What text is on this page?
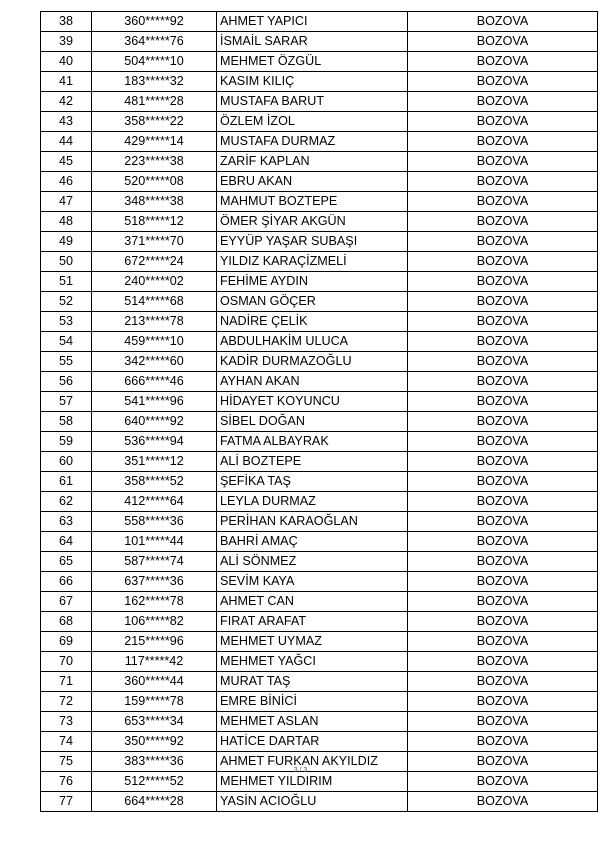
38	360*****92	AHMET YAPICI	BOZOVA
39	364*****76	İSMAİL SARAR	BOZOVA
40	504*****10	MEHMET ÖZGÜL	BOZOVA
41	183*****32	KASIM KILIÇ	BOZOVA
42	481*****28	MUSTAFA BARUT	BOZOVA
43	358*****22	ÖZLEM İZOL	BOZOVA
44	429*****14	MUSTAFA DURMAZ	BOZOVA
45	223*****38	ZARİF KAPLAN	BOZOVA
46	520*****08	EBRU AKAN	BOZOVA
47	348*****38	MAHMUT BOZTEPE	BOZOVA
48	518*****12	ÖMER ŞİYAR AKGÜN	BOZOVA
49	371*****70	EYYÜP YAŞAR SUBAŞI	BOZOVA
50	672*****24	YILDIZ KARAÇİZMELİ	BOZOVA
51	240*****02	FEHİME AYDIN	BOZOVA
52	514*****68	OSMAN GÖÇER	BOZOVA
53	213*****78	NADİRE ÇELİK	BOZOVA
54	459*****10	ABDULHAKİM ULUCA	BOZOVA
55	342*****60	KADİR DURMAZOĞLU	BOZOVA
56	666*****46	AYHAN AKAN	BOZOVA
57	541*****96	HİDAYET KOYUNCU	BOZOVA
58	640*****92	SİBEL DOĞAN	BOZOVA
59	536*****94	FATMA ALBAYRAK	BOZOVA
60	351*****12	ALİ BOZTEPE	BOZOVA
61	358*****52	ŞEFİKA TAŞ	BOZOVA
62	412*****64	LEYLA DURMAZ	BOZOVA
63	558*****36	PERİHAN KARAOĞLAN	BOZOVA
64	101*****44	BAHRİ AMAÇ	BOZOVA
65	587*****74	ALİ SÖNMEZ	BOZOVA
66	637*****36	SEVİM KAYA	BOZOVA
67	162*****78	AHMET CAN	BOZOVA
68	106*****82	FIRAT ARAFAT	BOZOVA
69	215*****96	MEHMET UYMAZ	BOZOVA
70	117*****42	MEHMET YAĞCI	BOZOVA
71	360*****44	MURAT TAŞ	BOZOVA
72	159*****78	EMRE BİNİCİ	BOZOVA
73	653*****34	MEHMET ASLAN	BOZOVA
74	350*****92	HATİCE DARTAR	BOZOVA
75	383*****36	AHMET FURKAN AKYILDIZ	BOZOVA
76	512*****52	MEHMET YILDIRIM	BOZOVA
77	664*****28	YASİN ACIOĞLU	BOZOVA
3 / 3
